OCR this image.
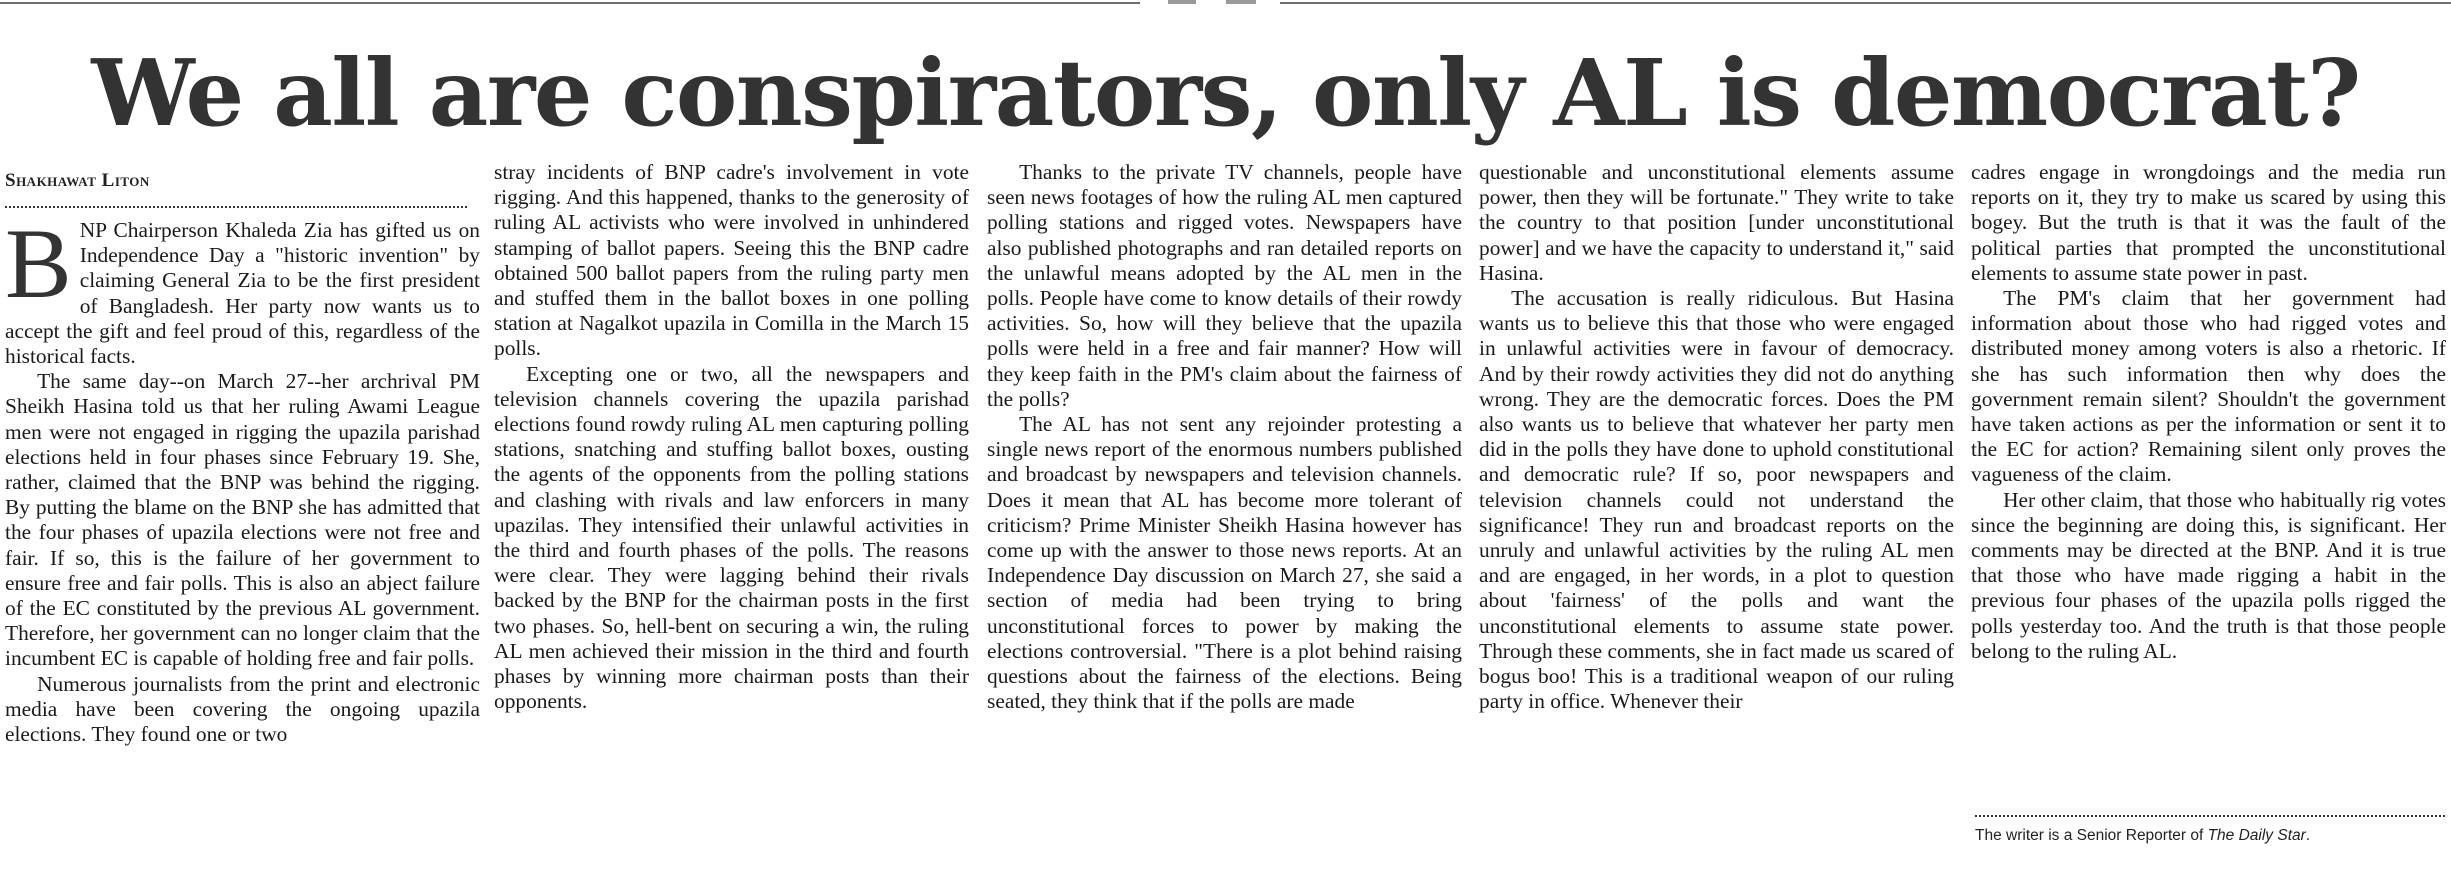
We all are conspirators, only AL is democrat?
Shakhawat Liton

BNP Chairperson Khaleda Zia has gifted us on Independence Day a "historic invention" by claiming General Zia to be the first president of Bangladesh. Her party now wants us to accept the gift and feel proud of this, regardless of the historical facts.

The same day--on March 27--her archrival PM Sheikh Hasina told us that her ruling Awami League men were not engaged in rigging the upazila parishad elections held in four phases since February 19. She, rather, claimed that the BNP was behind the rigging. By putting the blame on the BNP she has admitted that the four phases of upazila elections were not free and fair. If so, this is the failure of her government to ensure free and fair polls. This is also an abject failure of the EC constituted by the previous AL government. Therefore, her government can no longer claim that the incumbent EC is capable of holding free and fair polls.

Numerous journalists from the print and electronic media have been covering the ongoing upazila elections. They found one or two

stray incidents of BNP cadre's involvement in vote rigging. And this happened, thanks to the generosity of ruling AL activists who were involved in unhindered stamping of ballot papers. Seeing this the BNP cadre obtained 500 ballot papers from the ruling party men and stuffed them in the ballot boxes in one polling station at Nagalkot upazila in Comilla in the March 15 polls.

Excepting one or two, all the newspapers and television channels covering the upazila parishad elections found rowdy ruling AL men capturing polling stations, snatching and stuffing ballot boxes, ousting the agents of the opponents from the polling stations and clashing with rivals and law enforcers in many upazilas. They intensified their unlawful activities in the third and fourth phases of the polls. The reasons were clear. They were lagging behind their rivals backed by the BNP for the chairman posts in the first two phases. So, hell-bent on securing a win, the ruling AL men achieved their mission in the third and fourth phases by winning more chairman posts than their opponents.

Thanks to the private TV channels, people have seen news footages of how the ruling AL men captured polling stations and rigged votes. Newspapers have also published photographs and ran detailed reports on the unlawful means adopted by the AL men in the polls. People have come to know details of their rowdy activities. So, how will they believe that the upazila polls were held in a free and fair manner? How will they keep faith in the PM's claim about the fairness of the polls?

The AL has not sent any rejoinder protesting a single news report of the enormous numbers published and broadcast by newspapers and television channels. Does it mean that AL has become more tolerant of criticism? Prime Minister Sheikh Hasina however has come up with the answer to those news reports. At an Independence Day discussion on March 27, she said a section of media had been trying to bring unconstitutional forces to power by making the elections controversial. "There is a plot behind raising questions about the fairness of the elections. Being seated, they think that if the polls are made

questionable and unconstitutional elements assume power, then they will be fortunate." They write to take the country to that position [under unconstitutional power] and we have the capacity to understand it," said Hasina.

The accusation is really ridiculous. But Hasina wants us to believe this that those who were engaged in unlawful activities were in favour of democracy. And by their rowdy activities they did not do anything wrong. They are the democratic forces. Does the PM also wants us to believe that whatever her party men did in the polls they have done to uphold constitutional and democratic rule? If so, poor newspapers and television channels could not understand the significance! They run and broadcast reports on the unruly and unlawful activities by the ruling AL men and are engaged, in her words, in a plot to question about 'fairness' of the polls and want the unconstitutional elements to assume state power. Through these comments, she in fact made us scared of bogus boo! This is a traditional weapon of our ruling party in office. Whenever their

cadres engage in wrongdoings and the media run reports on it, they try to make us scared by using this bogey. But the truth is that it was the fault of the political parties that prompted the unconstitutional elements to assume state power in past.

The PM's claim that her government had information about those who had rigged votes and distributed money among voters is also a rhetoric. If she has such information then why does the government remain silent? Shouldn't the government have taken actions as per the information or sent it to the EC for action? Remaining silent only proves the vagueness of the claim.

Her other claim, that those who habitually rig votes since the beginning are doing this, is significant. Her comments may be directed at the BNP. And it is true that those who have made rigging a habit in the previous four phases of the upazila polls rigged the polls yesterday too. And the truth is that those people belong to the ruling AL.

The writer is a Senior Reporter of The Daily Star.
